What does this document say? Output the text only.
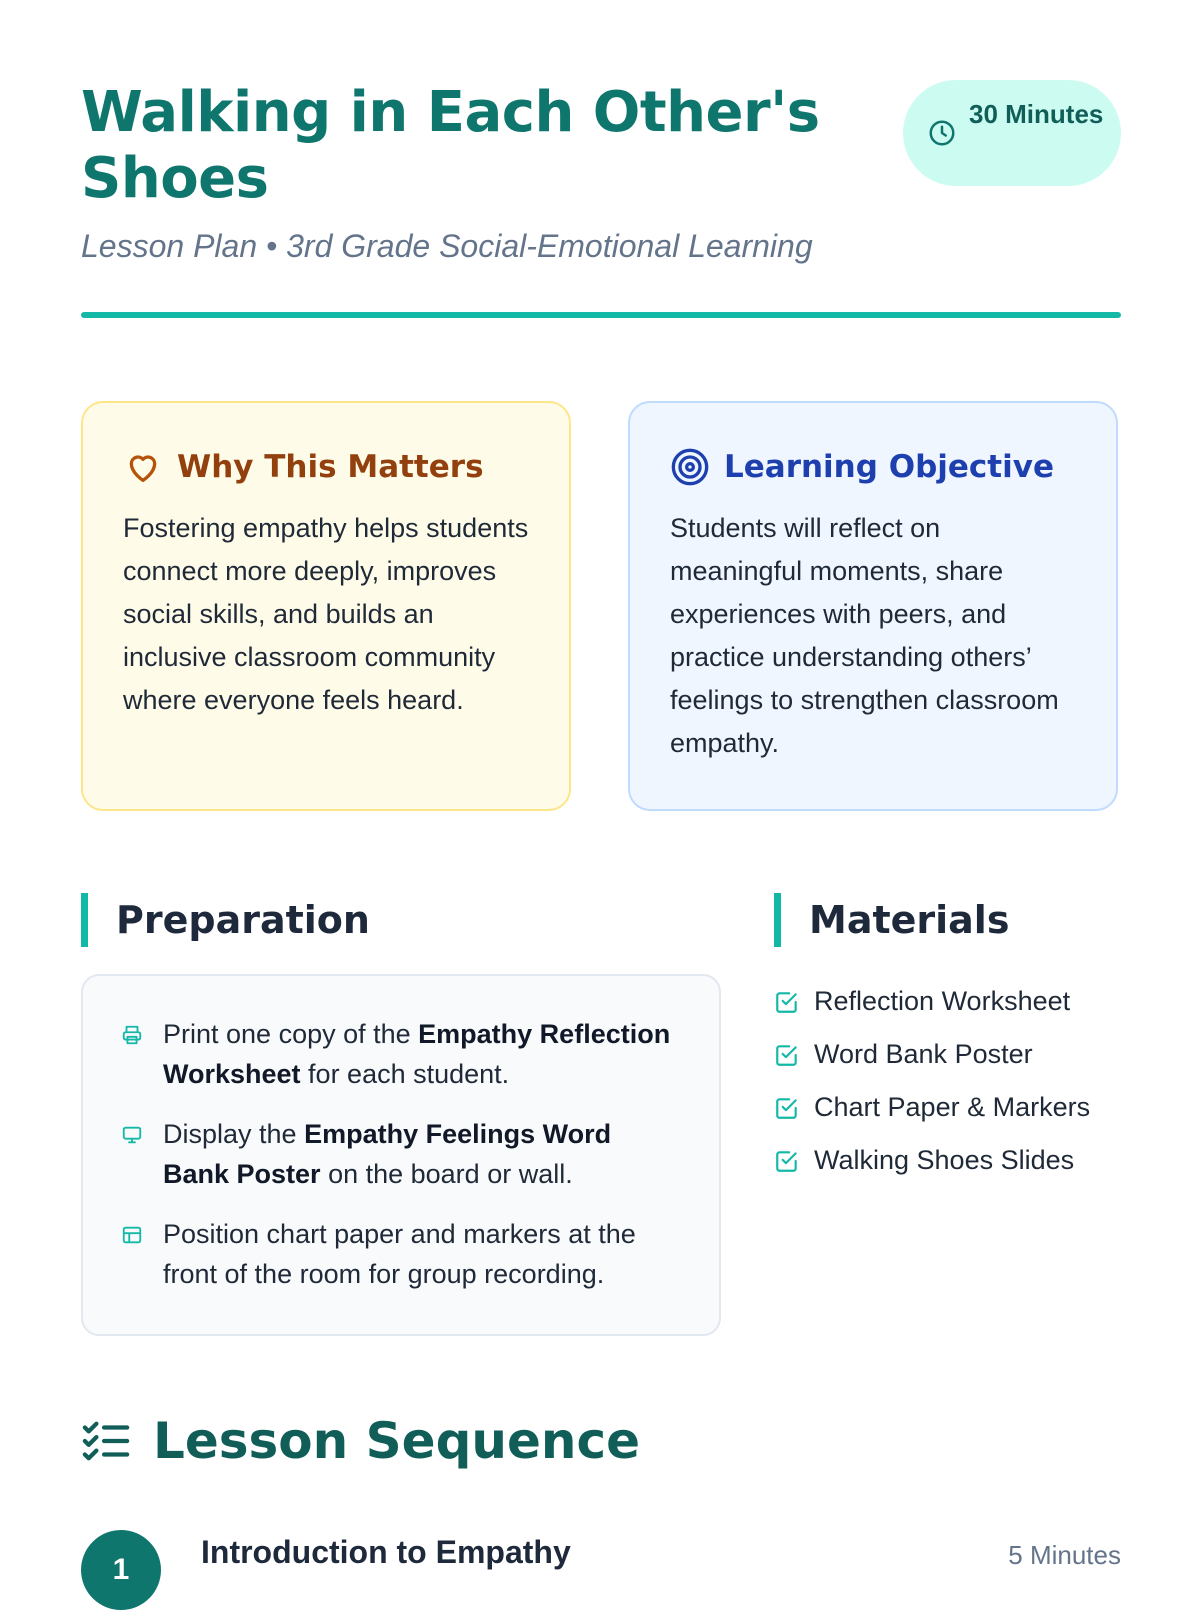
Walking in Each Other's Shoes
30 Minutes
Lesson Plan • 3rd Grade Social-Emotional Learning
Why This Matters

Fostering empathy helps students connect more deeply, improves social skills, and builds an inclusive classroom community where everyone feels heard.

Learning Objective

Students will reflect on meaningful moments, share experiences with peers, and practice understanding others’ feelings to strengthen classroom empathy.

Preparation	Materials
Print one copy of the Empathy Reflection Worksheet for each student.
Display the Empathy Feelings Word Bank Poster on the board or wall.
Position chart paper and markers at the front of the room for group recording.
Reflection Worksheet
Word Bank Poster
Chart Paper & Markers
Walking Shoes Slides
Lesson Sequence
1	Introduction to Empathy	5 Minutes
